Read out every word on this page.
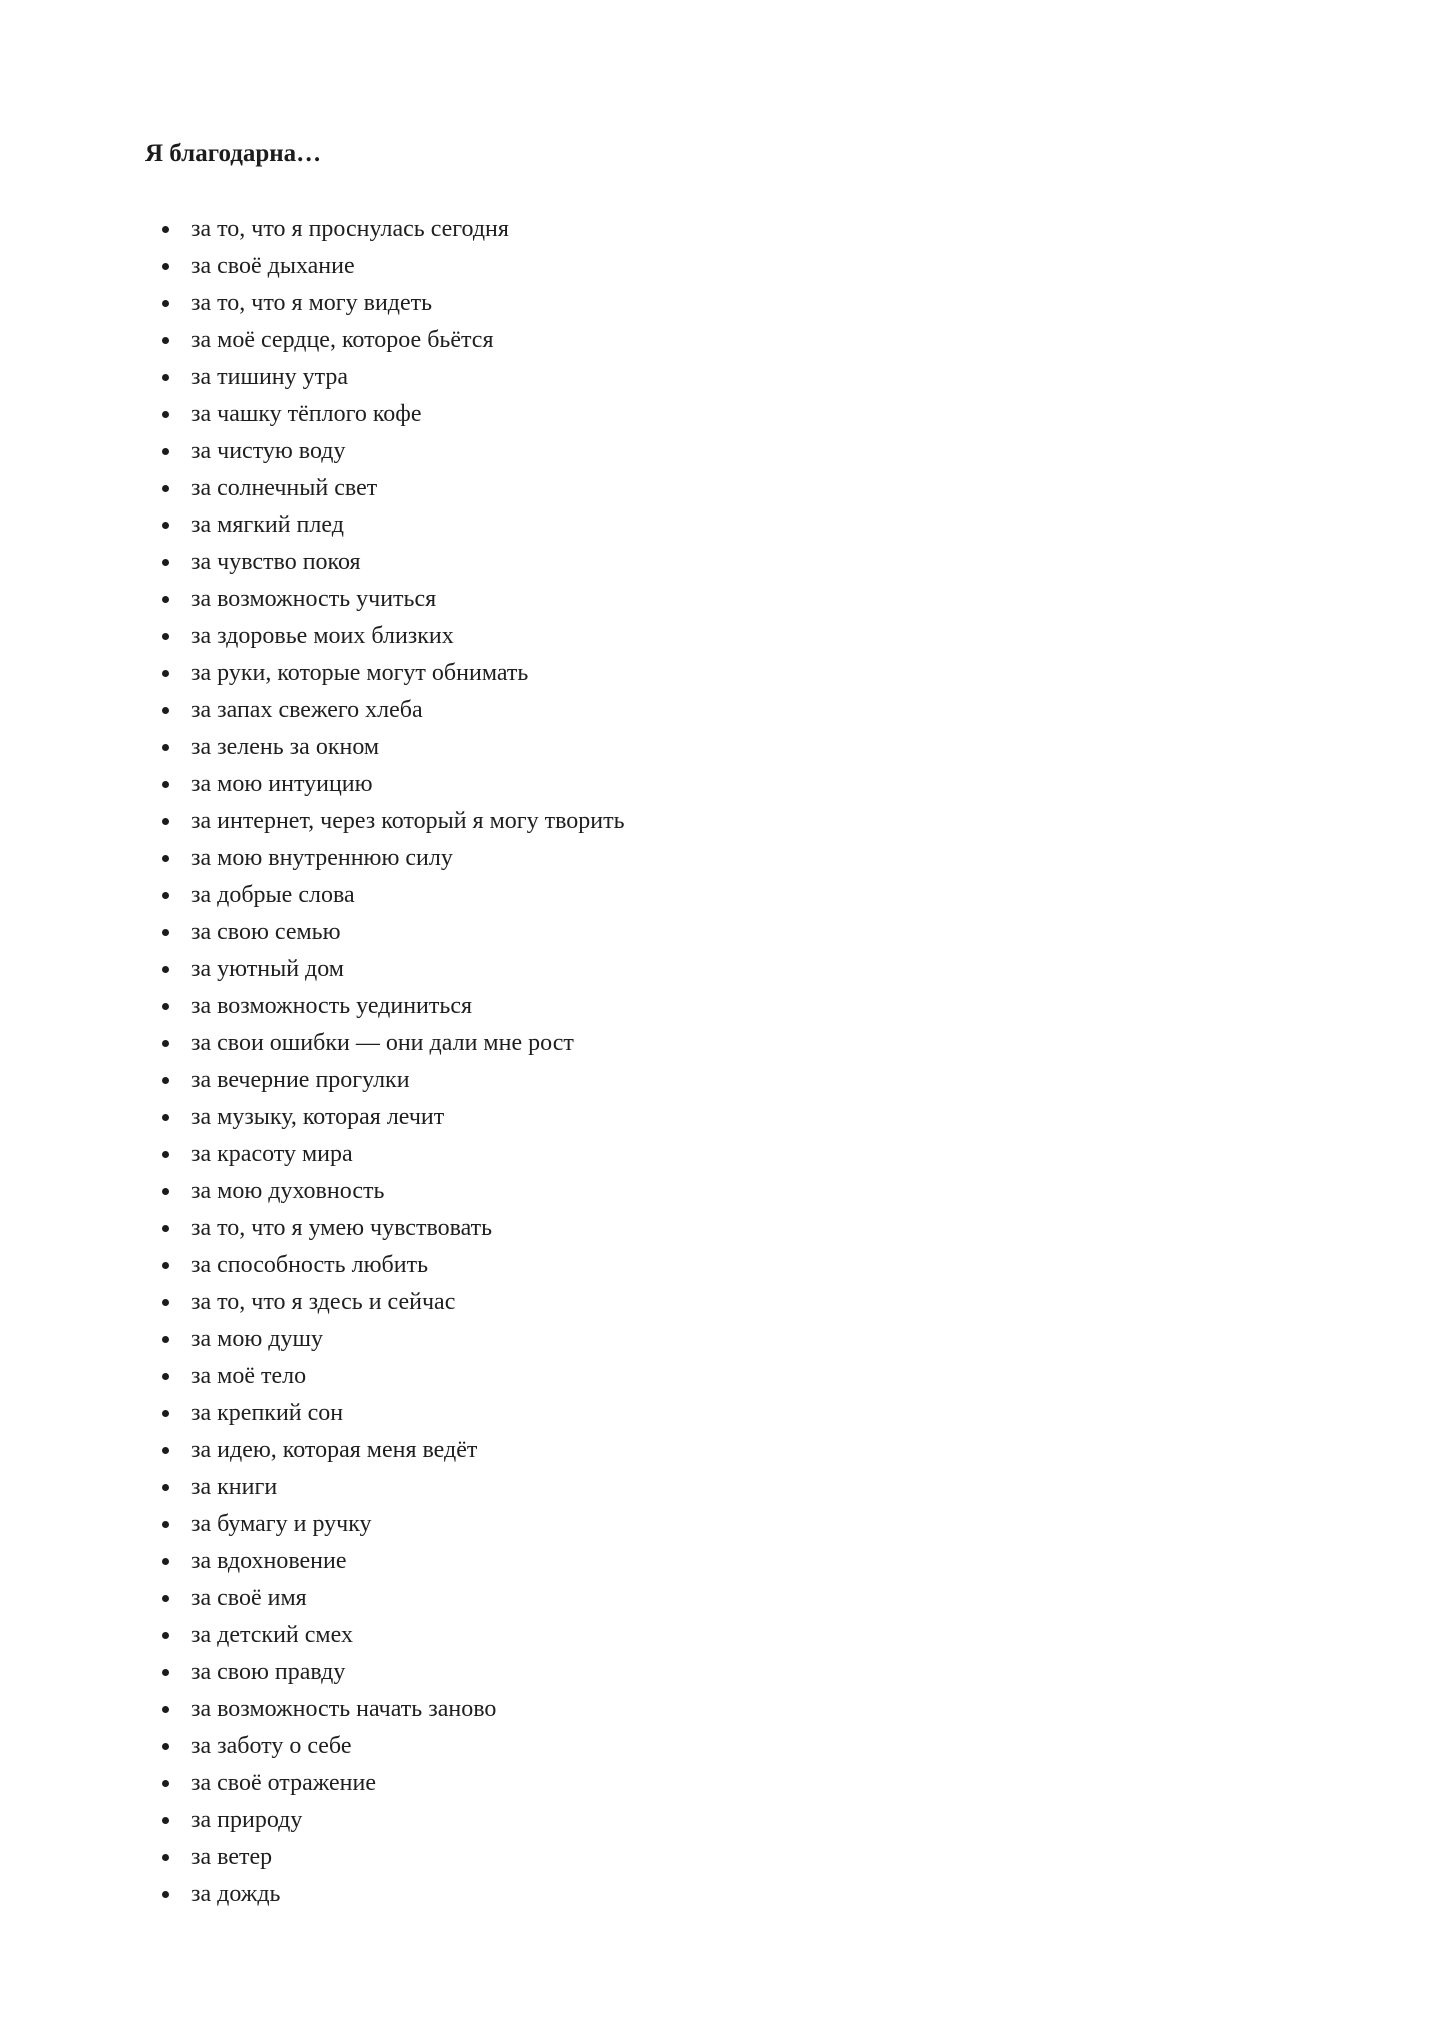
Я благодарна…
за то, что я проснулась сегодня
за своё дыхание
за то, что я могу видеть
за моё сердце, которое бьётся
за тишину утра
за чашку тёплого кофе
за чистую воду
за солнечный свет
за мягкий плед
за чувство покоя
за возможность учиться
за здоровье моих близких
за руки, которые могут обнимать
за запах свежего хлеба
за зелень за окном
за мою интуицию
за интернет, через который я могу творить
за мою внутреннюю силу
за добрые слова
за свою семью
за уютный дом
за возможность уединиться
за свои ошибки — они дали мне рост
за вечерние прогулки
за музыку, которая лечит
за красоту мира
за мою духовность
за то, что я умею чувствовать
за способность любить
за то, что я здесь и сейчас
за мою душу
за моё тело
за крепкий сон
за идею, которая меня ведёт
за книги
за бумагу и ручку
за вдохновение
за своё имя
за детский смех
за свою правду
за возможность начать заново
за заботу о себе
за своё отражение
за природу
за ветер
за дождь
